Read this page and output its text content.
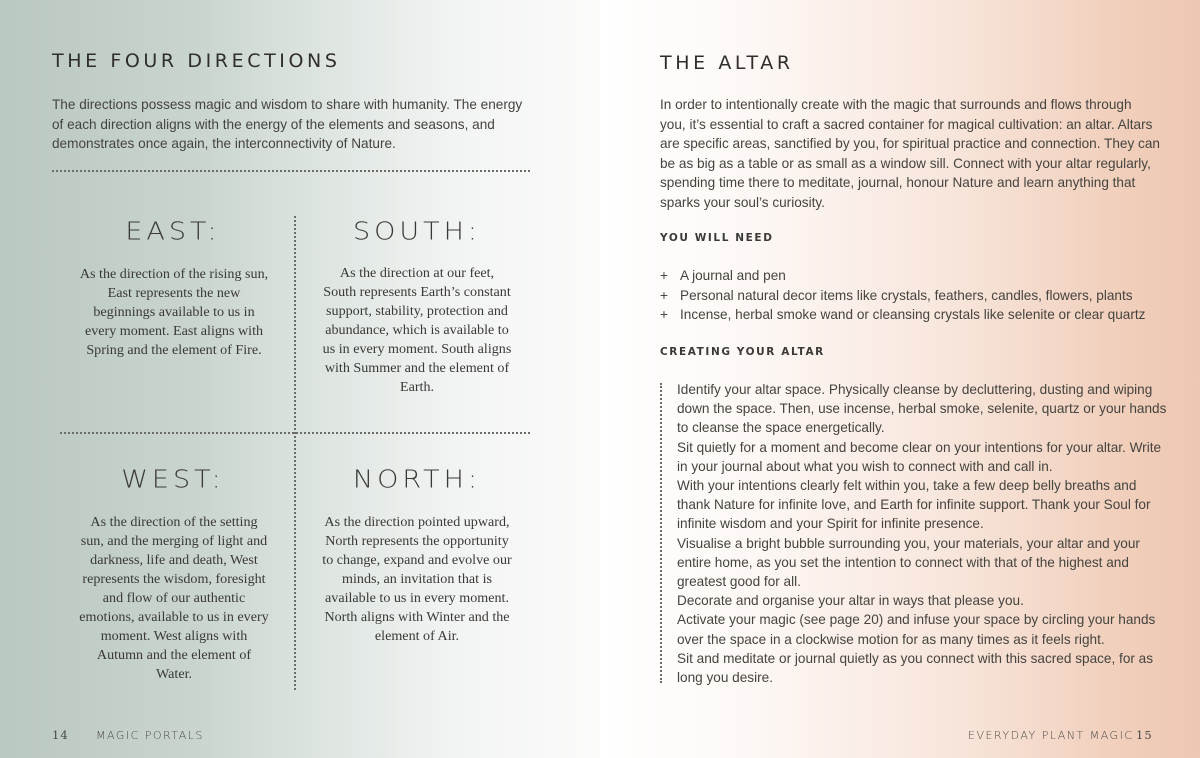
THE FOUR DIRECTIONS

The directions possess magic and wisdom to share with humanity. The energy of each direction aligns with the energy of the elements and seasons, and demonstrates once again, the interconnectivity of Nature.

EAST:

As the direction of the rising sun, East represents the new beginnings available to us in every moment. East aligns with Spring and the element of Fire.

SOUTH:

As the direction at our feet, South represents Earth’s constant support, stability, protection and abundance, which is available to us in every moment. South aligns with Summer and the element of Earth.

WEST:

As the direction of the setting sun, and the merging of light and darkness, life and death, West represents the wisdom, foresight and flow of our authentic emotions, available to us in every moment. West aligns with Autumn and the element of Water.

NORTH:

As the direction pointed upward, North represents the opportunity to change, expand and evolve our minds, an invitation that is available to us in every moment. North aligns with Winter and the element of Air.

14 MAGIC PORTALS

THE ALTAR

In order to intentionally create with the magic that surrounds and flows through you, it’s essential to craft a sacred container for magical cultivation: an altar. Altars are specific areas, sanctified by you, for spiritual practice and connection. They can be as big as a table or as small as a window sill. Connect with your altar regularly, spending time there to meditate, journal, honour Nature and learn anything that sparks your soul’s curiosity.

YOU WILL NEED
+ A journal and pen
+ Personal natural decor items like crystals, feathers, candles, flowers, plants
+ Incense, herbal smoke wand or cleansing crystals like selenite or clear quartz
CREATING YOUR ALTAR
Identify your altar space. Physically cleanse by decluttering, dusting and wiping down the space. Then, use incense, herbal smoke, selenite, quartz or your hands to cleanse the space energetically.
Sit quietly for a moment and become clear on your intentions for your altar. Write in your journal about what you wish to connect with and call in.
With your intentions clearly felt within you, take a few deep belly breaths and thank Nature for infinite love, and Earth for infinite support. Thank your Soul for infinite wisdom and your Spirit for infinite presence.
Visualise a bright bubble surrounding you, your materials, your altar and your entire home, as you set the intention to connect with that of the highest and greatest good for all.
Decorate and organise your altar in ways that please you.
Activate your magic (see page 20) and infuse your space by circling your hands over the space in a clockwise motion for as many times as it feels right.
Sit and meditate or journal quietly as you connect with this sacred space, for as long you desire.

EVERYDAY PLANT MAGIC 15
